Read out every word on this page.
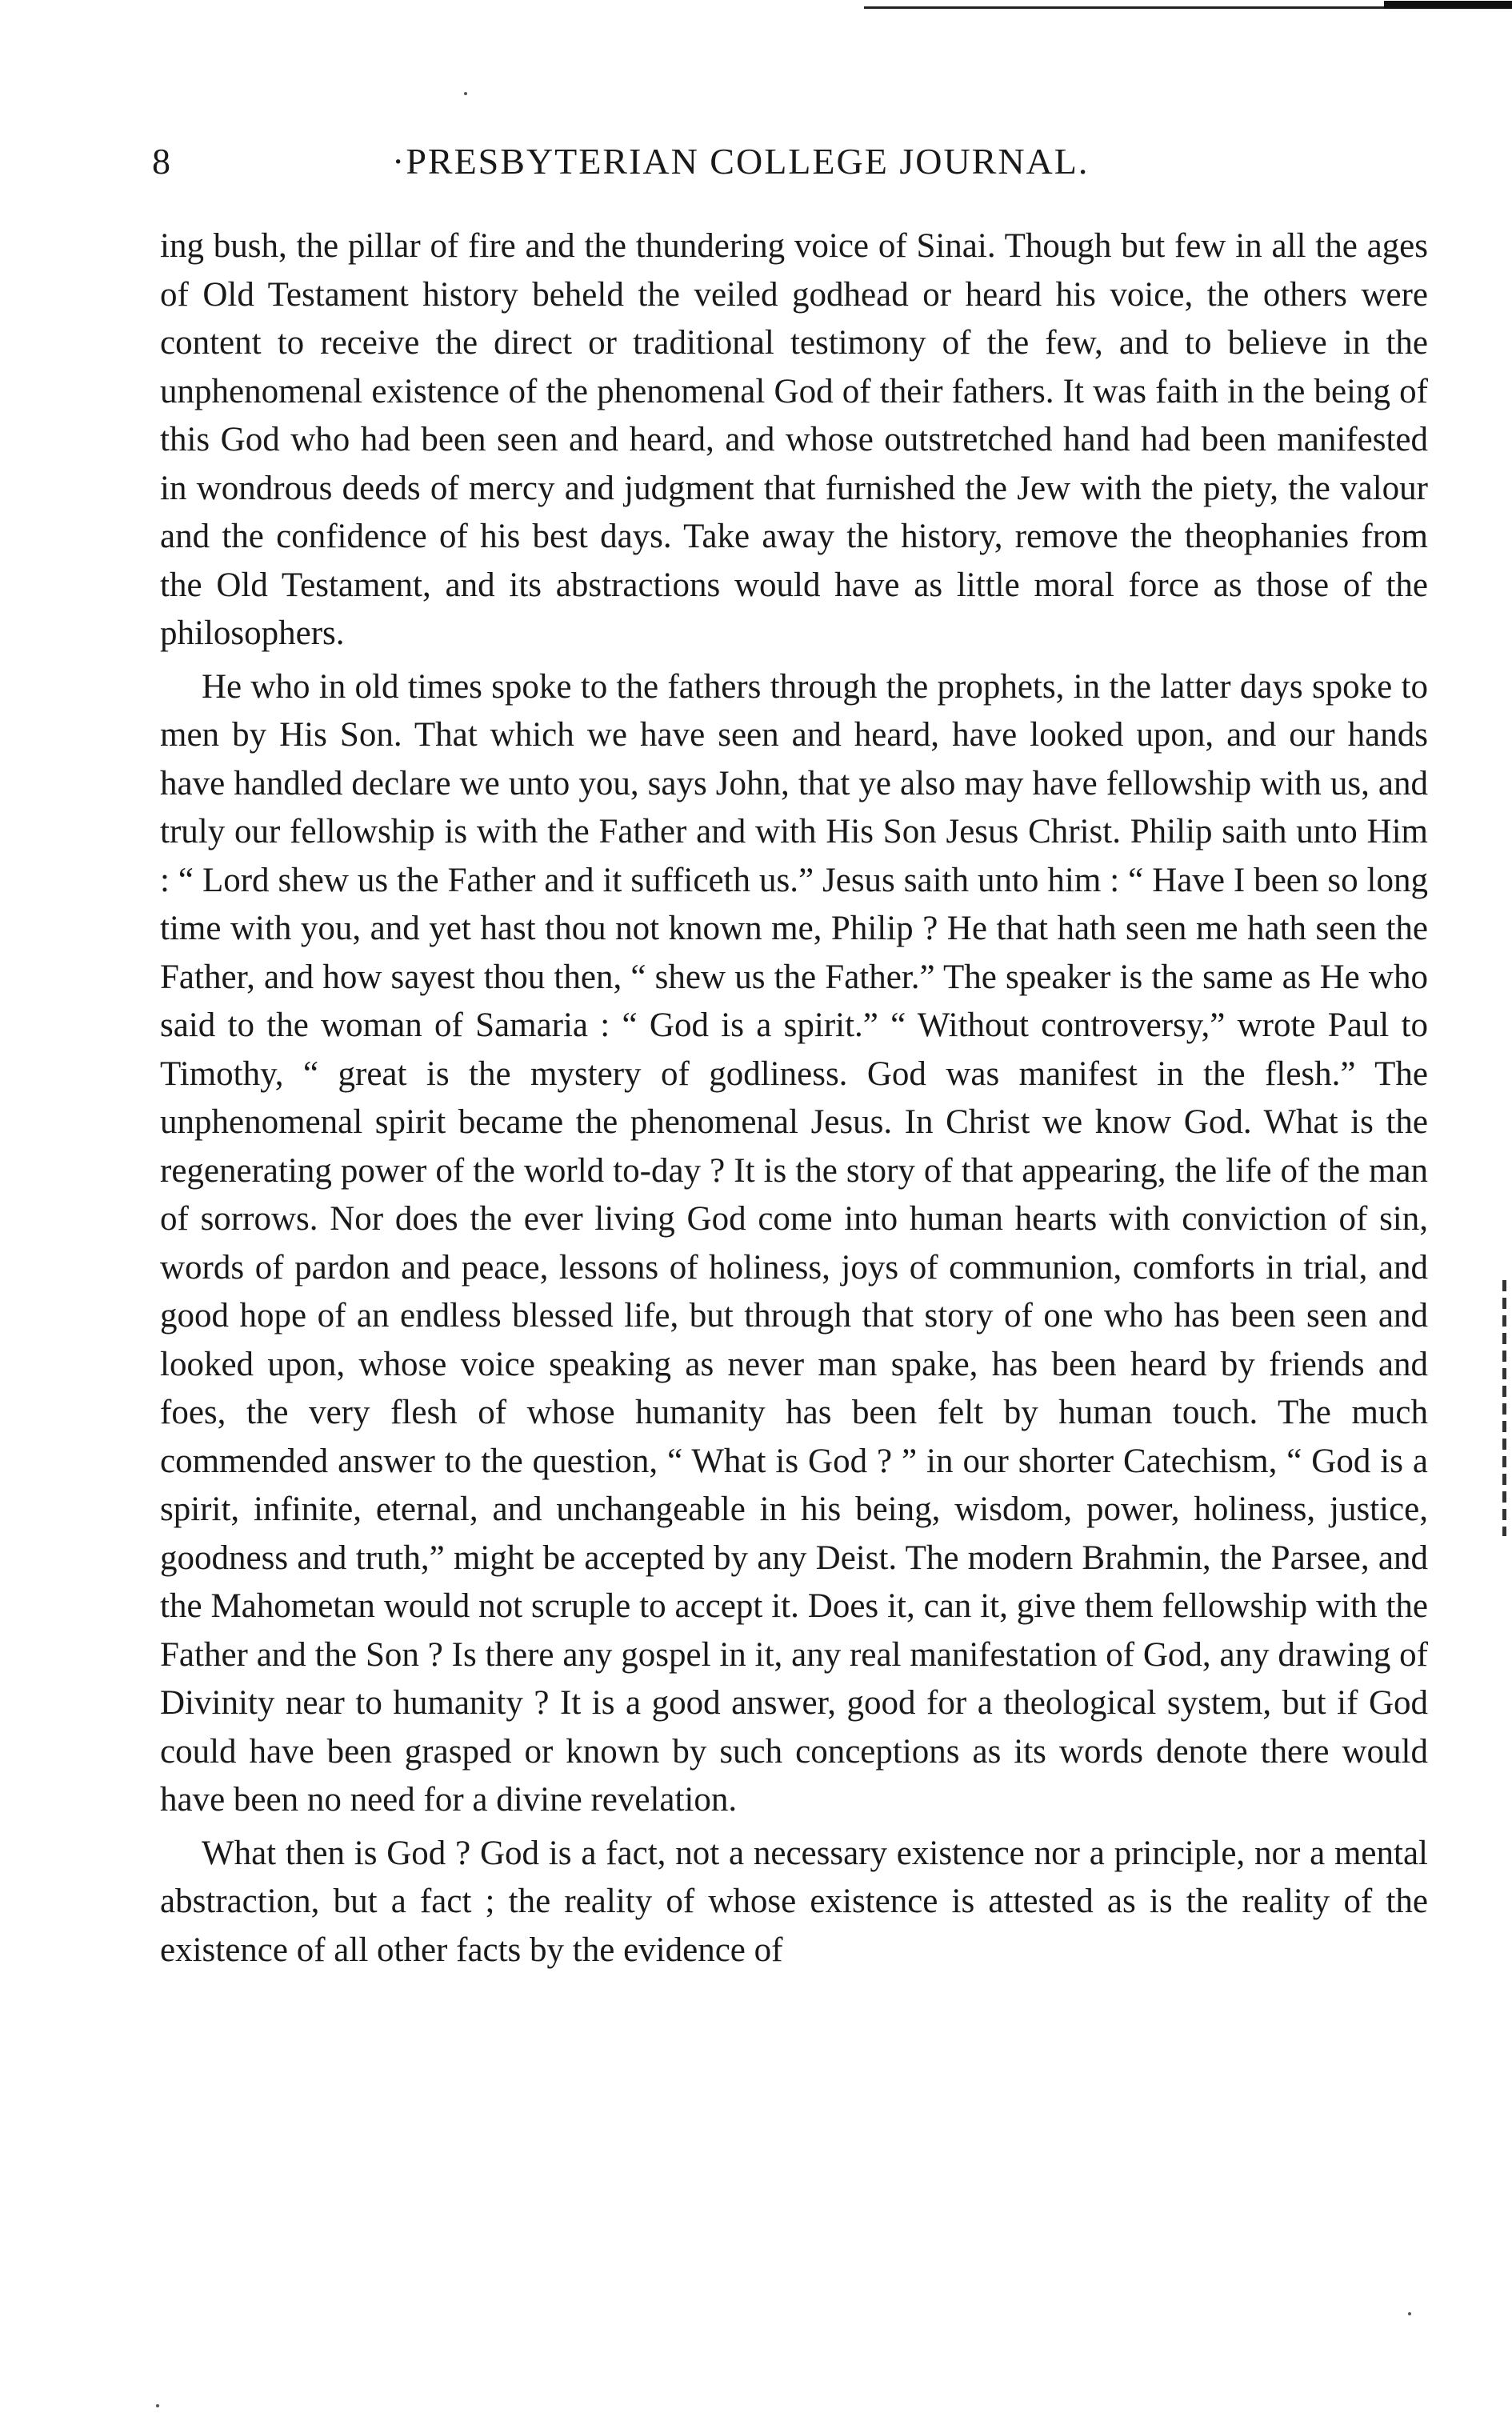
8	·PRESBYTERIAN COLLEGE JOURNAL.

ing bush, the pillar of fire and the thundering voice of Sinai. Though but few in all the ages of Old Testament history beheld the veiled godhead or heard his voice, the others were content to receive the direct or traditional testimony of the few, and to believe in the unphenomenal existence of the phenomenal God of their fathers. It was faith in the being of this God who had been seen and heard, and whose outstretched hand had been manifested in wondrous deeds of mercy and judgment that furnished the Jew with the piety, the valour and the confidence of his best days. Take away the history, remove the theophanies from the Old Testament, and its abstractions would have as little moral force as those of the philosophers.

He who in old times spoke to the fathers through the prophets, in the latter days spoke to men by His Son. That which we have seen and heard, have looked upon, and our hands have handled declare we unto you, says John, that ye also may have fellowship with us, and truly our fellowship is with the Father and with His Son Jesus Christ. Philip saith unto Him : “ Lord shew us the Father and it sufficeth us.” Jesus saith unto him : “ Have I been so long time with you, and yet hast thou not known me, Philip ? He that hath seen me hath seen the Father, and how sayest thou then, “ shew us the Father.” The speaker is the same as He who said to the woman of Samaria : “ God is a spirit.” “ Without controversy,” wrote Paul to Timothy, “ great is the mystery of godliness. God was manifest in the flesh.” The unphenomenal spirit became the phenomenal Jesus. In Christ we know God. What is the regenerating power of the world to-day ? It is the story of that appearing, the life of the man of sorrows. Nor does the ever living God come into human hearts with conviction of sin, words of pardon and peace, lessons of holiness, joys of communion, comforts in trial, and good hope of an endless blessed life, but through that story of one who has been seen and looked upon, whose voice speaking as never man spake, has been heard by friends and foes, the very flesh of whose humanity has been felt by human touch. The much commended answer to the question, “ What is God ? ” in our shorter Catechism, “ God is a spirit, infinite, eternal, and unchangeable in his being, wisdom, power, holiness, justice, goodness and truth,” might be accepted by any Deist. The modern Brahmin, the Parsee, and the Mahometan would not scruple to accept it. Does it, can it, give them fellowship with the Father and the Son ? Is there any gospel in it, any real manifestation of God, any drawing of Divinity near to humanity ? It is a good answer, good for a theological system, but if God could have been grasped or known by such conceptions as its words denote there would have been no need for a divine revelation.

What then is God ? God is a fact, not a necessary existence nor a principle, nor a mental abstraction, but a fact ; the reality of whose existence is attested as is the reality of the existence of all other facts by the evidence of
